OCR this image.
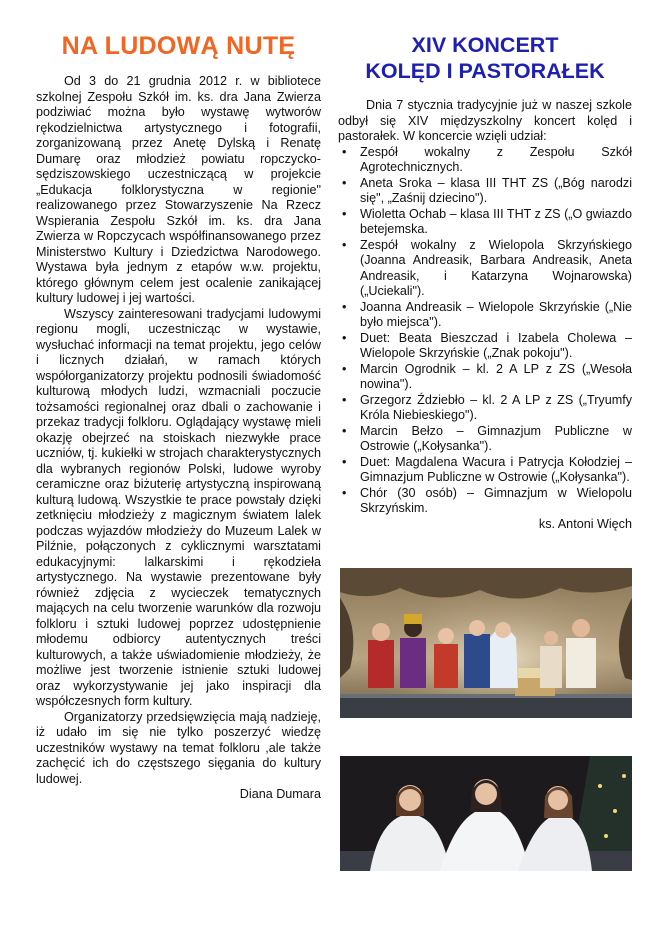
NA LUDOWĄ NUTĘ

Od 3 do 21 grudnia 2012 r. w bibliotece szkolnej Zespołu Szkół im. ks. dra Jana Zwierza podziwiać można było wystawę wytworów rękodzielnictwa artystycznego i fotografii, zorganizowaną przez Anetę Dylską i Renatę Dumarę oraz młodzież powiatu ropczycko-sędziszowskiego uczestniczącą w projekcie „Edukacja folklorystyczna w regionie" realizowanego przez Stowarzyszenie Na Rzecz Wspierania Zespołu Szkół im. ks. dra Jana Zwierza w Ropczycach współfinansowanego przez Ministerstwo Kultury i Dziedzictwa Narodowego. Wystawa była jednym z etapów w.w. projektu, którego głównym celem jest ocalenie zanikającej kultury ludowej i jej wartości.

Wszyscy zainteresowani tradycjami ludowymi regionu mogli, uczestnicząc w wystawie, wysłuchać informacji na temat projektu, jego celów i licznych działań, w ramach których współorganizatorzy projektu podnosili świadomość kulturową młodych ludzi, wzmacniali poczucie tożsamości regionalnej oraz dbali o zachowanie i przekaz tradycji folkloru. Oglądający wystawę mieli okazję obejrzeć na stoiskach niezwykłe prace uczniów, tj. kukiełki w strojach charakterystycznych dla wybranych regionów Polski, ludowe wyroby ceramiczne oraz biżuterię artystyczną inspirowaną kulturą ludową. Wszystkie te prace powstały dzięki zetknięciu młodzieży z magicznym światem lalek podczas wyjazdów młodzieży do Muzeum Lalek w Pilźnie, połączonych z cyklicznymi warsztatami edukacyjnymi: lalkarskimi i rękodzieła artystycznego. Na wystawie prezentowane były również zdjęcia z wycieczek tematycznych mających na celu tworzenie warunków dla rozwoju folkloru i sztuki ludowej poprzez udostępnienie młodemu odbiorcy autentycznych treści kulturowych, a także uświadomienie młodzieży, że możliwe jest tworzenie istnienie sztuki ludowej oraz wykorzystywanie jej jako inspiracji dla współczesnych form kultury.

Organizatorzy przedsięwzięcia mają nadzieję, iż udało im się nie tylko poszerzyć wiedzę uczestników wystawy na temat folkloru ,ale także zachęcić ich do częstszego sięgania do kultury ludowej.

Diana Dumara

XIV KONCERT
KOLĘD I PASTORAŁEK

Dnia 7 stycznia tradycyjnie już w naszej szkole odbył się XIV międzyszkolny koncert kolęd i pastorałek. W koncercie wzięli udział:

• Zespół wokalny z Zespołu Szkół Agrotechnicznych.
• Aneta Sroka – klasa III THT ZS („Bóg narodzi się", „Zaśnij dziecino").
• Wioletta Ochab – klasa III THT z ZS („O gwiazdo betejemska.
• Zespół wokalny z Wielopola Skrzyńskiego (Joanna Andreasik, Barbara Andreasik, Aneta Andreasik, i Katarzyna Wojnarowska) („Uciekali").
• Joanna Andreasik – Wielopole Skrzyńskie („Nie było miejsca").
• Duet: Beata Bieszczad i Izabela Cholewa – Wielopole Skrzyńskie („Znak pokoju").
• Marcin Ogrodnik – kl. 2 A LP z ZS („Wesoła nowina").
• Grzegorz Ździebło – kl. 2 A LP z ZS („Tryumfy Króla Niebieskiego").
• Marcin Bełzo – Gimnazjum Publiczne w Ostrowie („Kołysanka").
• Duet: Magdalena Wacura i Patrycja Kołodziej – Gimnazjum Publiczne w Ostrowie („Kołysanka").
• Chór (30 osób) – Gimnazjum w Wielopolu Skrzyńskim.

ks. Antoni Więch
